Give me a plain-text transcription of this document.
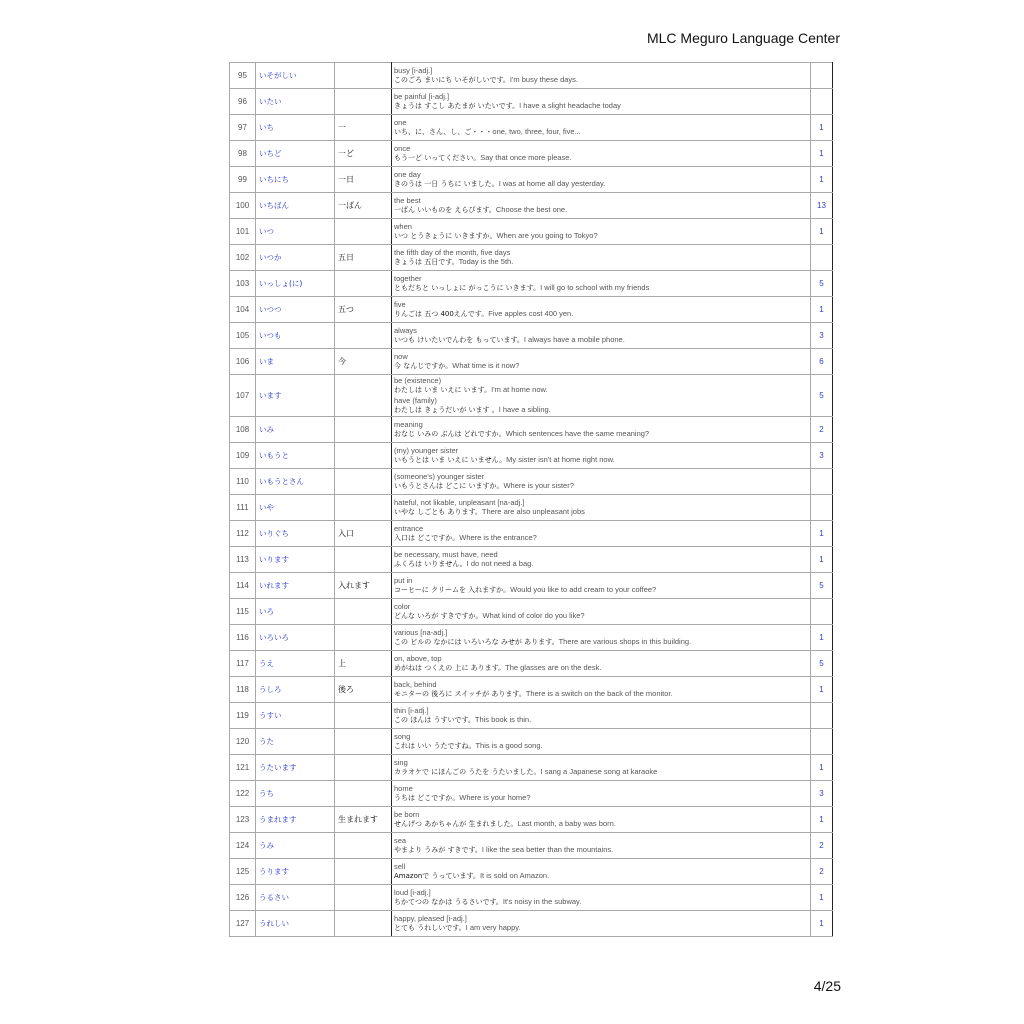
MLC Meguro Language Center
95	いそがしい		busy [i-adj.]
このごろ まいにち いそがしいです。I'm busy these days.	

96	いたい		be painful [i-adj.]
きょうは すこし あたまが いたいです。I have a slight headache today	

97	いち	一	one
いち、に、さん、し、ご・・・one, two, three, four, five...	1
98	いちど	一ど	once
もう一ど いってください。Say that once more please.	1
99	いちにち	一日	one day
きのうは 一日 うちに いました。I was at home all day yesterday.	1
100	いちばん	一ばん	the best
一ばん いいものを えらびます。Choose the best one.	13
101	いつ		when
いつ とうきょうに いきますか。When are you going to Tokyo?	1
102	いつか	五日	the fifth day of the month, five days
きょうは 五日です。Today is the 5th.	

103	いっしょ(に)		together
ともだちと いっしょに がっこうに いきます。I will go to school with my friends	5
104	いつつ	五つ	five
りんごは 五つ 400えんです。Five apples cost 400 yen.	1
105	いつも		always
いつも けいたいでんわを もっています。I always have a mobile phone.	3
106	いま	今	now
今 なんじですか。What time is it now?	6
107	います		be (existence)
わたしは いま いえに います。I'm at home now.
have (family)
わたしは きょうだいが います 。I have a sibling.	5
108	いみ		meaning
おなじ いみの ぶんは どれですか。Which sentences have the same meaning?	2
109	いもうと		(my) younger sister
いもうとは いま いえに いません。My sister isn't at home right now.	3
110	いもうとさん		(someone's) younger sister
いもうとさんは どこに いますか。Where is your sister?	

111	いや		hateful, not likable, unpleasant [na-adj.]
いやな しごとも あります。There are also unpleasant jobs	

112	いりぐち	入口	entrance
入口は どこですか。Where is the entrance?	1
113	いります		be necessary, must have, need
ふくろは いりません。I do not need a bag.	1
114	いれます	入れます	put in
コーヒーに クリームを 入れますか。Would you like to add cream to your coffee?	5
115	いろ		color
どんな いろが すきですか。What kind of color do you like?	

116	いろいろ		various [na-adj.]
この ビルの なかには いろいろな みせが あります。There are various shops in this building.	1
117	うえ	上	on, above, top
めがねは つくえの 上に あります。The glasses are on the desk.	5
118	うしろ	後ろ	back, behind
モニターの 後ろに スイッチが あります。There is a switch on the back of the monitor.	1
119	うすい		thin [i-adj.]
この ほんは うすいです。This book is thin.	

120	うた		song
これは いい うたですね。This is a good song.	

121	うたいます		sing
カラオケで にほんごの うたを うたいました。I sang a Japanese song at karaoke	1
122	うち		home
うちは どこですか。Where is your home?	3
123	うまれます	生まれます	be born
せんげつ あかちゃんが 生まれました。Last month, a baby was born.	1
124	うみ		sea
やまより うみが すきです。I like the sea better than the mountains.	2
125	うります		sell
Amazonで うっています。It is sold on Amazon.	2
126	うるさい		loud [i-adj.]
ちかてつの なかは うるさいです。It's noisy in the subway.	1
127	うれしい		happy, pleased [i-adj.]
とても うれしいです。I am very happy.	1
4/25
